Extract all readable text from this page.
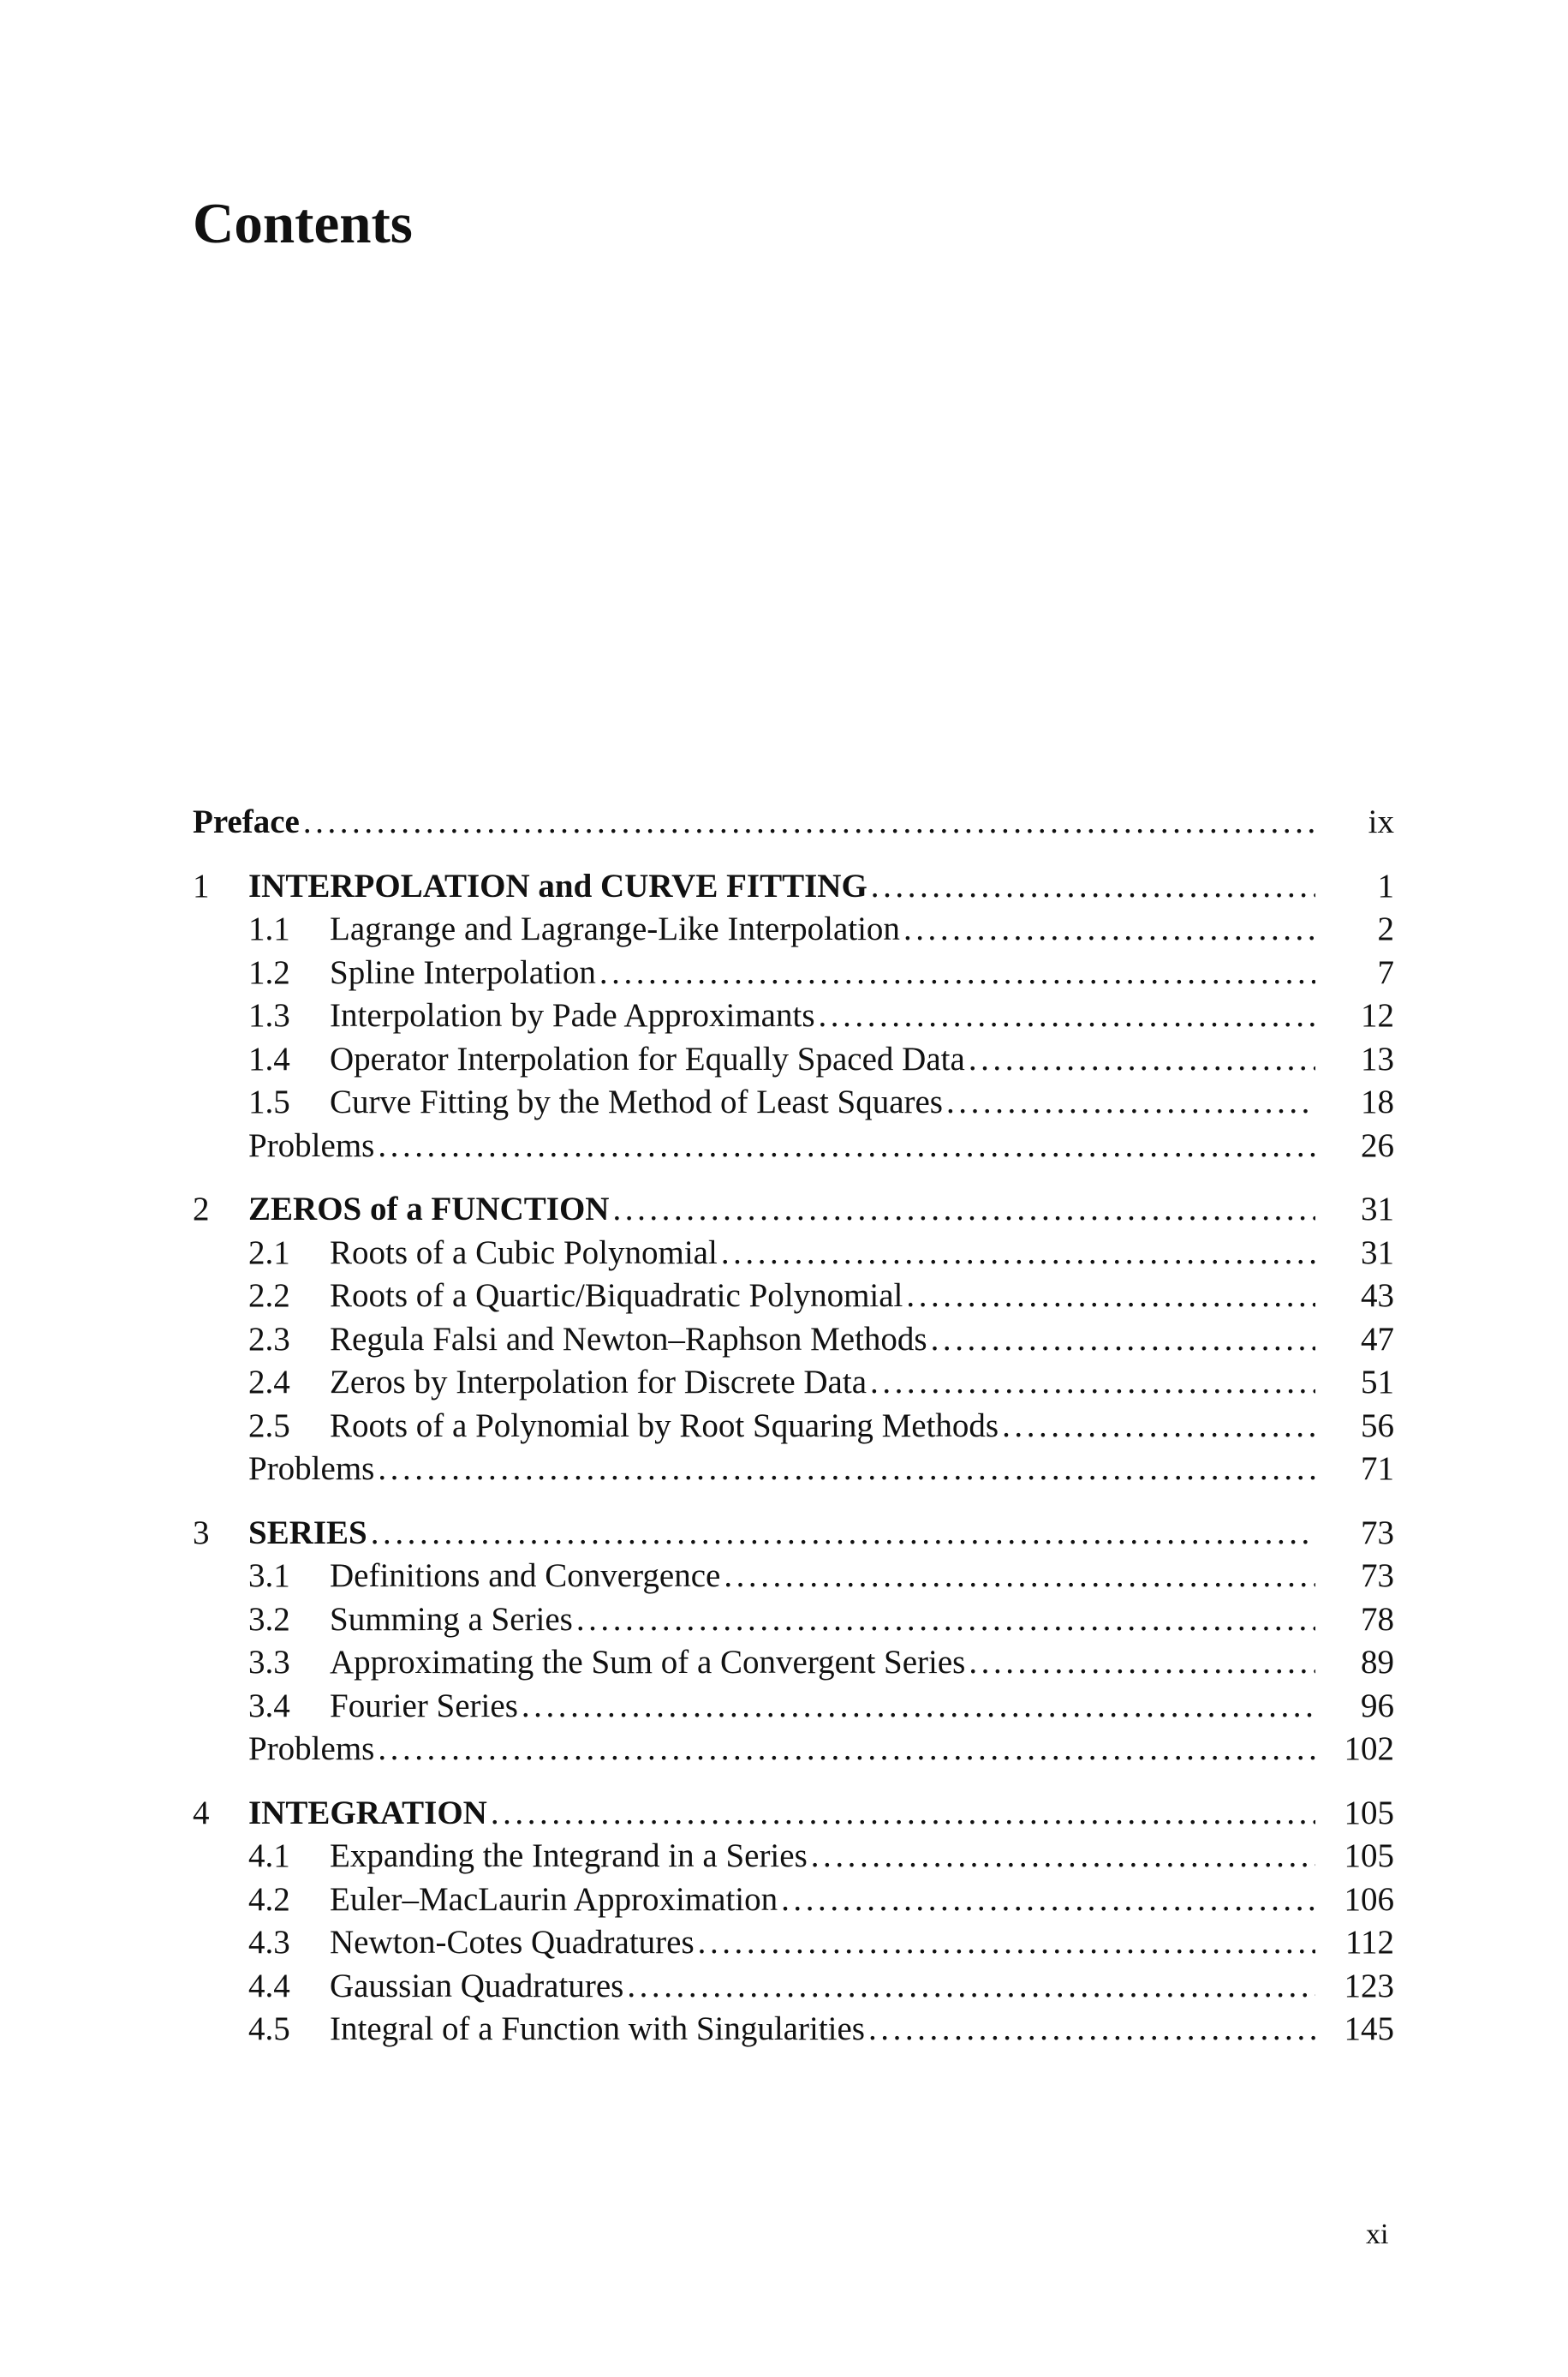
Contents
Preface . . .	ix
1	INTERPOLATION and CURVE FITTING . . .	1
1.1	Lagrange and Lagrange-Like Interpolation . . .	2
1.2	Spline Interpolation . . .	7
1.3	Interpolation by Pade Approximants . . .	12
1.4	Operator Interpolation for Equally Spaced Data . . .	13
1.5	Curve Fitting by the Method of Least Squares . . .	18
Problems . . .	26
2	ZEROS of a FUNCTION . . .	31
2.1	Roots of a Cubic Polynomial . . .	31
2.2	Roots of a Quartic/Biquadratic Polynomial . . .	43
2.3	Regula Falsi and Newton–Raphson Methods . . .	47
2.4	Zeros by Interpolation for Discrete Data . . .	51
2.5	Roots of a Polynomial by Root Squaring Methods . . .	56
Problems . . .	71
3	SERIES . . .	73
3.1	Definitions and Convergence . . .	73
3.2	Summing a Series . . .	78
3.3	Approximating the Sum of a Convergent Series . . .	89
3.4	Fourier Series . . .	96
Problems . . .	102
4	INTEGRATION . . .	105
4.1	Expanding the Integrand in a Series . . .	105
4.2	Euler–MacLaurin Approximation . . .	106
4.3	Newton-Cotes Quadratures . . .	112
4.4	Gaussian Quadratures . . .	123
4.5	Integral of a Function with Singularities . . .	145
xi
